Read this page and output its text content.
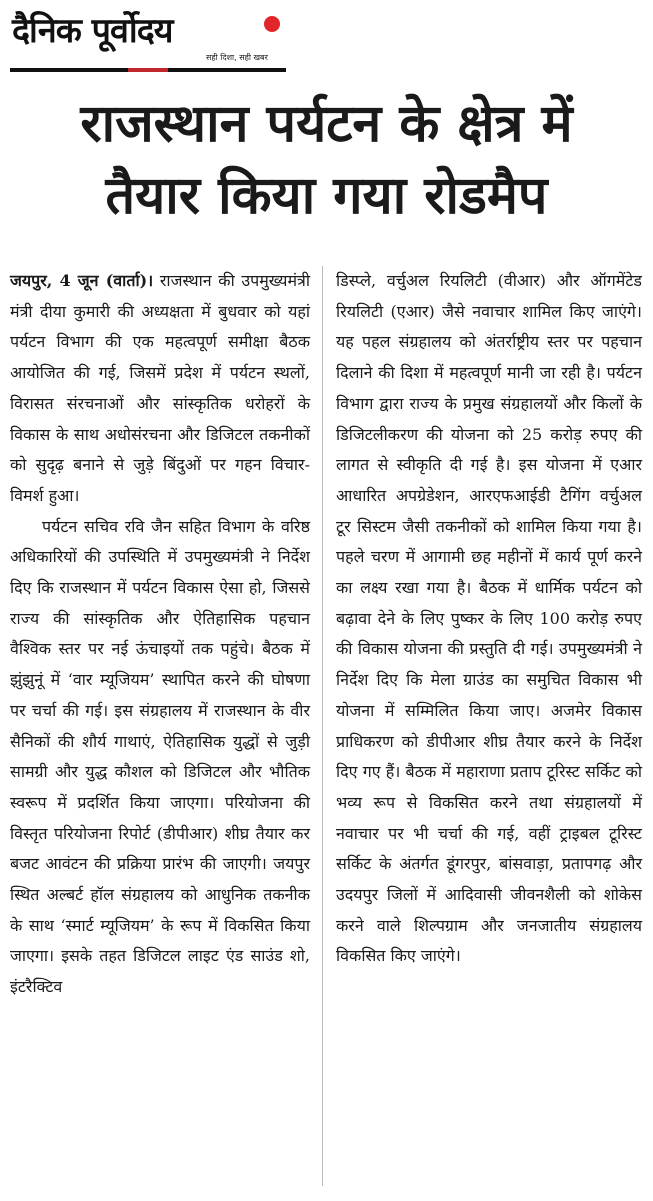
दैनिक पूर्वोदय
सही दिशा, सही खबर
राजस्थान पर्यटन के क्षेत्र में
तैयार किया गया रोडमैप

जयपुर, 4 जून (वार्ता)। राजस्थान की उपमुख्यमंत्री मंत्री दीया कुमारी की अध्यक्षता में बुधवार को यहां पर्यटन विभाग की एक महत्वपूर्ण समीक्षा बैठक आयोजित की गई, जिसमें प्रदेश में पर्यटन स्थलों, विरासत संरचनाओं और सांस्कृतिक धरोहरों के विकास के साथ अधोसंरचना और डिजिटल तकनीकों को सुदृढ़ बनाने से जुड़े बिंदुओं पर गहन विचार-विमर्श हुआ।

पर्यटन सचिव रवि जैन सहित विभाग के वरिष्ठ अधिकारियों की उपस्थिति में उपमुख्यमंत्री ने निर्देश दिए कि राजस्थान में पर्यटन विकास ऐसा हो, जिससे राज्य की सांस्कृतिक और ऐतिहासिक पहचान वैश्विक स्तर पर नई ऊंचाइयों तक पहुंचे। बैठक में झुंझुनूं में ‘वार म्यूजियम’ स्थापित करने की घोषणा पर चर्चा की गई। इस संग्रहालय में राजस्थान के वीर सैनिकों की शौर्य गाथाएं, ऐतिहासिक युद्धों से जुड़ी सामग्री और युद्ध कौशल को डिजिटल और भौतिक स्वरूप में प्रदर्शित किया जाएगा। परियोजना की विस्तृत परियोजना रिपोर्ट (डीपीआर) शीघ्र तैयार कर बजट आवंटन की प्रक्रिया प्रारंभ की जाएगी। जयपुर स्थित अल्बर्ट हॉल संग्रहालय को आधुनिक तकनीक के साथ ‘स्मार्ट म्यूजियम’ के रूप में विकसित किया जाएगा। इसके तहत डिजिटल लाइट एंड साउंड शो, इंटरैक्टिव

डिस्प्ले, वर्चुअल रियलिटी (वीआर) और ऑगमेंटेड रियलिटी (एआर) जैसे नवाचार शामिल किए जाएंगे। यह पहल संग्रहालय को अंतर्राष्ट्रीय स्तर पर पहचान दिलाने की दिशा में महत्वपूर्ण मानी जा रही है। पर्यटन विभाग द्वारा राज्य के प्रमुख संग्रहालयों और किलों के डिजिटलीकरण की योजना को 25 करोड़ रुपए की लागत से स्वीकृति दी गई है। इस योजना में एआर आधारित अपग्रेडेशन, आरएफआईडी टैगिंग वर्चुअल टूर सिस्टम जैसी तकनीकों को शामिल किया गया है। पहले चरण में आगामी छह महीनों में कार्य पूर्ण करने का लक्ष्य रखा गया है। बैठक में धार्मिक पर्यटन को बढ़ावा देने के लिए पुष्कर के लिए 100 करोड़ रुपए की विकास योजना की प्रस्तुति दी गई। उपमुख्यमंत्री ने निर्देश दिए कि मेला ग्राउंड का समुचित विकास भी योजना में सम्मिलित किया जाए। अजमेर विकास प्राधिकरण को डीपीआर शीघ्र तैयार करने के निर्देश दिए गए हैं। बैठक में महाराणा प्रताप टूरिस्ट सर्किट को भव्य रूप से विकसित करने तथा संग्रहालयों में नवाचार पर भी चर्चा की गई, वहीं ट्राइबल टूरिस्ट सर्किट के अंतर्गत डूंगरपुर, बांसवाड़ा, प्रतापगढ़ और उदयपुर जिलों में आदिवासी जीवनशैली को शोकेस करने वाले शिल्पग्राम और जनजातीय संग्रहालय विकसित किए जाएंगे।
